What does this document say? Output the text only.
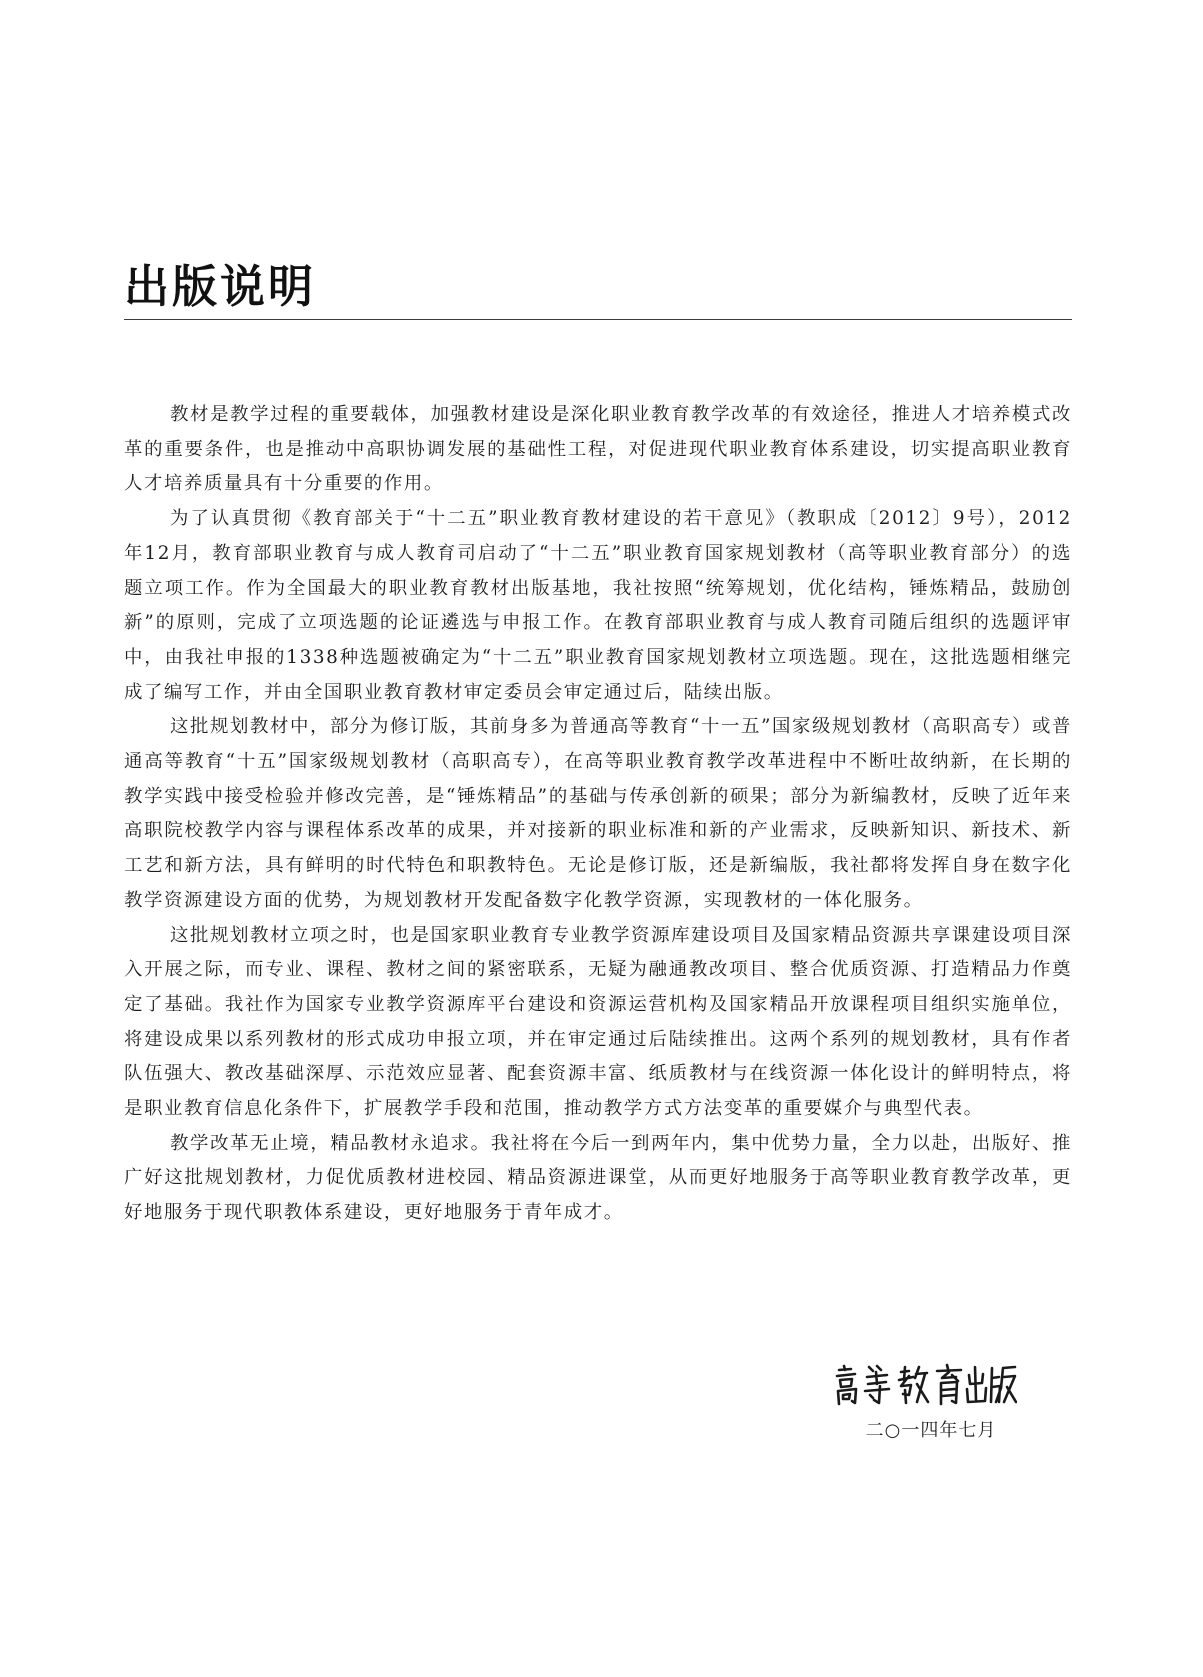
出版说明

教材是教学过程的重要载体，加强教材建设是深化职业教育教学改革的有效途径，推进人才培养模式改革的重要条件，也是推动中高职协调发展的基础性工程，对促进现代职业教育体系建设，切实提高职业教育人才培养质量具有十分重要的作用。

为了认真贯彻《教育部关于“十二五”职业教育教材建设的若干意见》（教职成〔2012〕9号），2012年12月，教育部职业教育与成人教育司启动了“十二五”职业教育国家规划教材（高等职业教育部分）的选题立项工作。作为全国最大的职业教育教材出版基地，我社按照“统筹规划，优化结构，锤炼精品，鼓励创新”的原则，完成了立项选题的论证遴选与申报工作。在教育部职业教育与成人教育司随后组织的选题评审中，由我社申报的1338种选题被确定为“十二五”职业教育国家规划教材立项选题。现在，这批选题相继完成了编写工作，并由全国职业教育教材审定委员会审定通过后，陆续出版。

这批规划教材中，部分为修订版，其前身多为普通高等教育“十一五”国家级规划教材（高职高专）或普通高等教育“十五”国家级规划教材（高职高专），在高等职业教育教学改革进程中不断吐故纳新，在长期的教学实践中接受检验并修改完善，是“锤炼精品”的基础与传承创新的硕果；部分为新编教材，反映了近年来高职院校教学内容与课程体系改革的成果，并对接新的职业标准和新的产业需求，反映新知识、新技术、新工艺和新方法，具有鲜明的时代特色和职教特色。无论是修订版，还是新编版，我社都将发挥自身在数字化教学资源建设方面的优势，为规划教材开发配备数字化教学资源，实现教材的一体化服务。

这批规划教材立项之时，也是国家职业教育专业教学资源库建设项目及国家精品资源共享课建设项目深入开展之际，而专业、课程、教材之间的紧密联系，无疑为融通教改项目、整合优质资源、打造精品力作奠定了基础。我社作为国家专业教学资源库平台建设和资源运营机构及国家精品开放课程项目组织实施单位，将建设成果以系列教材的形式成功申报立项，并在审定通过后陆续推出。这两个系列的规划教材，具有作者队伍强大、教改基础深厚、示范效应显著、配套资源丰富、纸质教材与在线资源一体化设计的鲜明特点，将是职业教育信息化条件下，扩展教学手段和范围，推动教学方式方法变革的重要媒介与典型代表。

教学改革无止境，精品教材永追求。我社将在今后一到两年内，集中优势力量，全力以赴，出版好、推广好这批规划教材，力促优质教材进校园、精品资源进课堂，从而更好地服务于高等职业教育教学改革，更好地服务于现代职教体系建设，更好地服务于青年成才。

二○一四年七月
